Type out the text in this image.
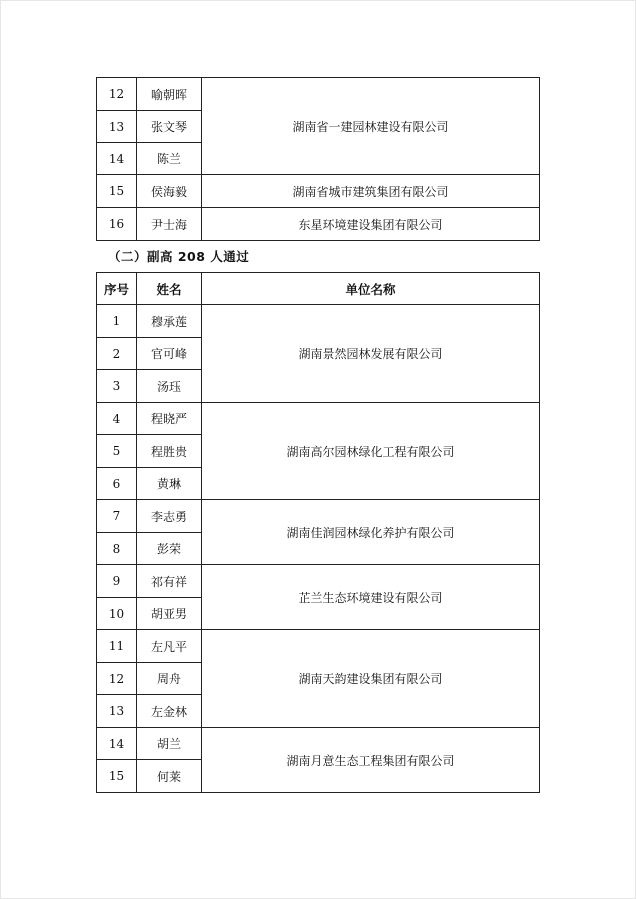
12	喻朝晖	湖南省一建园林建设有限公司
13	张文琴	
14	陈兰	
15	侯海毅	湖南省城市建筑集团有限公司
16	尹士海	东星环境建设集团有限公司
（二）副高 208 人通过
序号	姓名	单位名称
1	穆承莲	湖南景然园林发展有限公司
2	官可峰	
3	汤珏	
4	程晓严	湖南高尔园林绿化工程有限公司
5	程胜贵	
6	黄琳	
7	李志勇	湖南佳润园林绿化养护有限公司
8	彭荣	
9	祁有祥	芷兰生态环境建设有限公司
10	胡亚男	
11	左凡平	湖南天韵建设集团有限公司
12	周舟	
13	左金林	
14	胡兰	湖南月意生态工程集团有限公司
15	何莱	
